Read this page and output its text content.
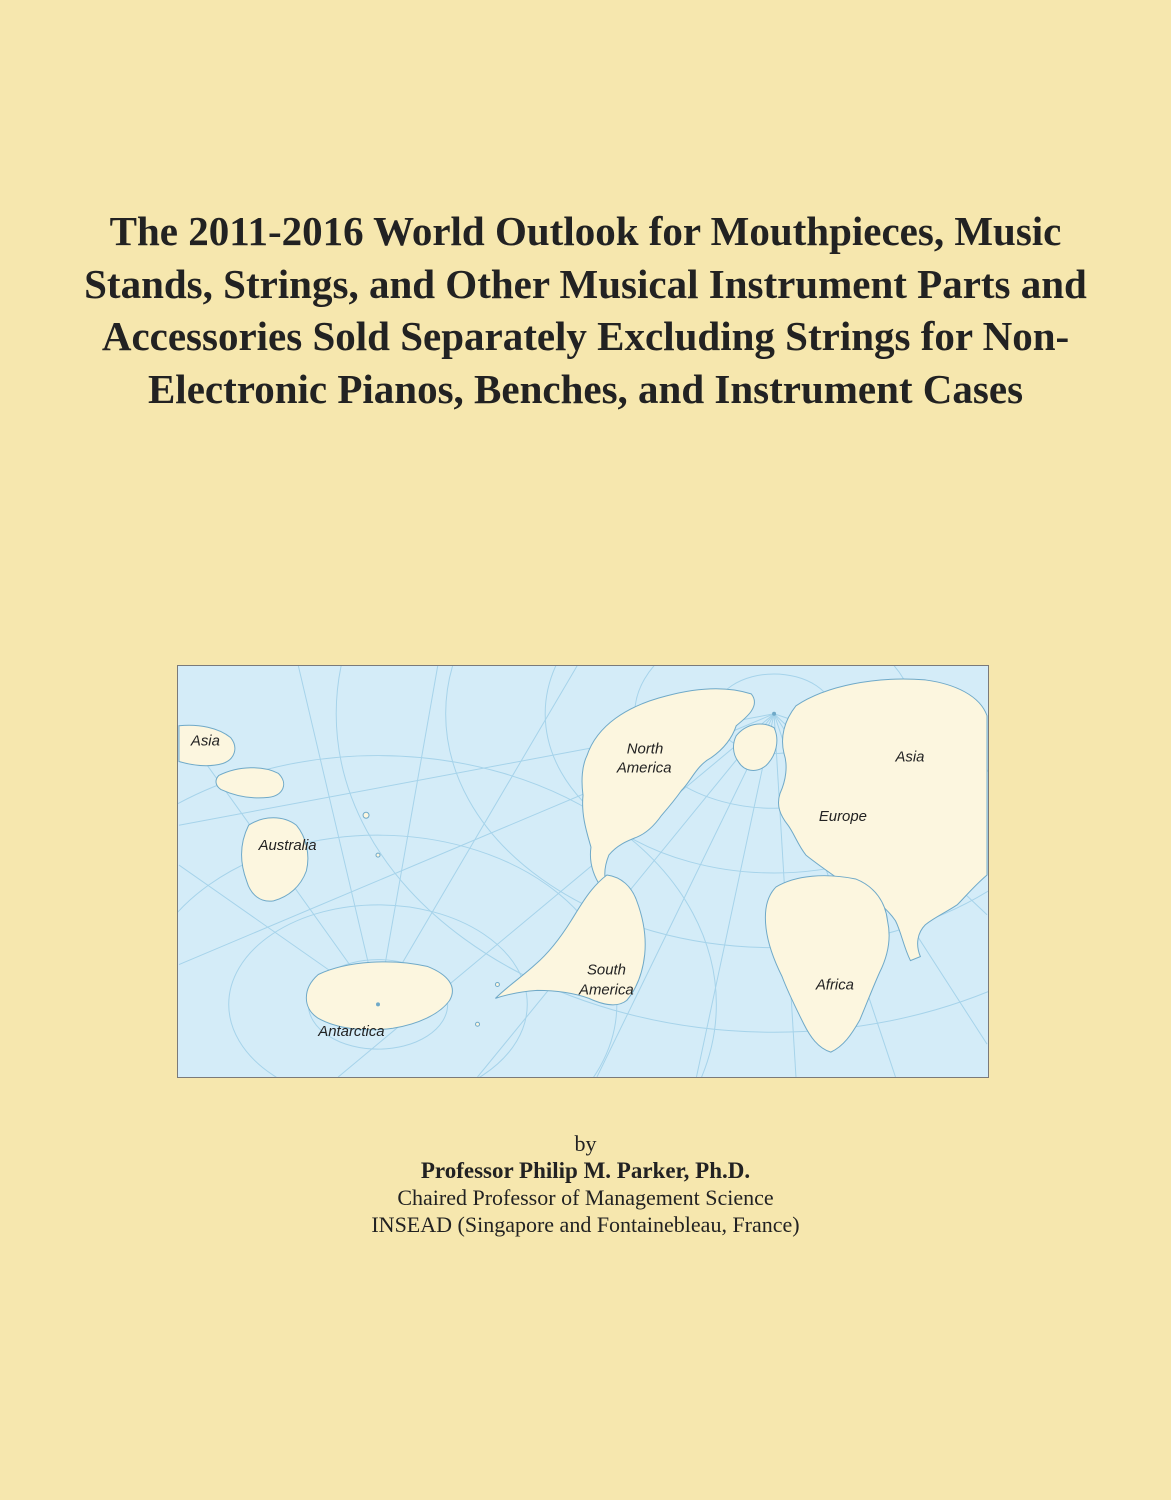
The 2011-2016 World Outlook for Mouthpieces, Music Stands, Strings, and Other Musical Instrument Parts and Accessories Sold Separately Excluding Strings for Non-Electronic Pianos, Benches, and Instrument Cases
Asia
Australia
Antarctica
North
America
South
America
Europe
Asia
Africa
by
Professor Philip M. Parker, Ph.D.
Chaired Professor of Management Science
INSEAD (Singapore and Fontainebleau, France)
